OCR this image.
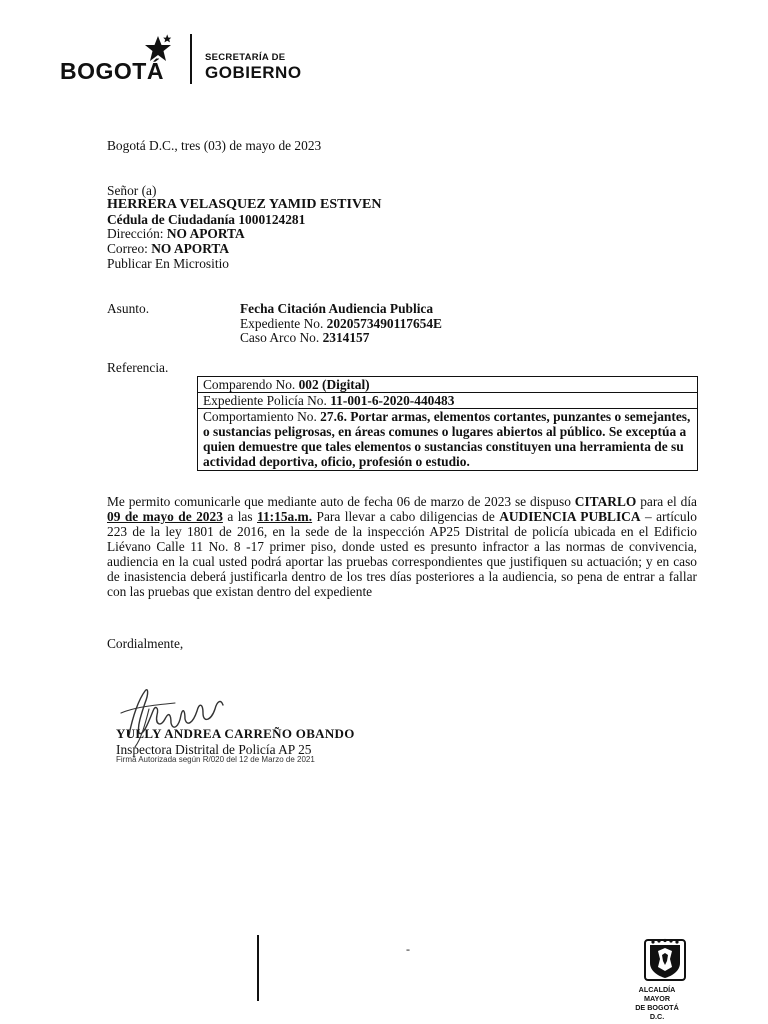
BOGOTÁ
SECRETARÍA DE
GOBIERNO
Bogotá D.C., tres (03) de mayo de 2023
Señor (a)
HERRERA VELASQUEZ YAMID ESTIVEN
Cédula de Ciudadanía 1000124281
Dirección: NO APORTA
Correo: NO APORTA
Publicar En Micrositio
Asunto.	Fecha Citación Audiencia Publica
Expediente No. 2020573490117654E
Caso Arco No. 2314157
Referencia.
Comparendo No. 002 (Digital)
Expediente Policía No. 11-001-6-2020-440483
Comportamiento No. 27.6. Portar armas, elementos cortantes, punzantes o semejantes, o sustancias peligrosas, en áreas comunes o lugares abiertos al público. Se exceptúa a quien demuestre que tales elementos o sustancias constituyen una herramienta de su actividad deportiva, oficio, profesión o estudio.
Me permito comunicarle que mediante auto de fecha 06 de marzo de 2023 se dispuso CITARLO para el día 09 de mayo de 2023 a las 11:15a.m. Para llevar a cabo diligencias de AUDIENCIA PUBLICA – artículo 223 de la ley 1801 de 2016, en la sede de la inspección AP25 Distrital de policía ubicada en el Edificio Liévano Calle 11 No. 8 -17 primer piso, donde usted es presunto infractor a las normas de convivencia, audiencia en la cual usted podrá aportar las pruebas correspondientes que justifiquen su actuación; y en caso de inasistencia deberá justificarla dentro de los tres días posteriores a la audiencia, so pena de entrar a fallar con las pruebas que existan dentro del expediente
Cordialmente,
YULLY ANDREA CARREÑO OBANDO
Inspectora Distrital de Policía AP 25
Firma Autorizada según R/020 del 12 de Marzo de 2021
-
ALCALDÍA MAYOR
DE BOGOTÁ D.C.
